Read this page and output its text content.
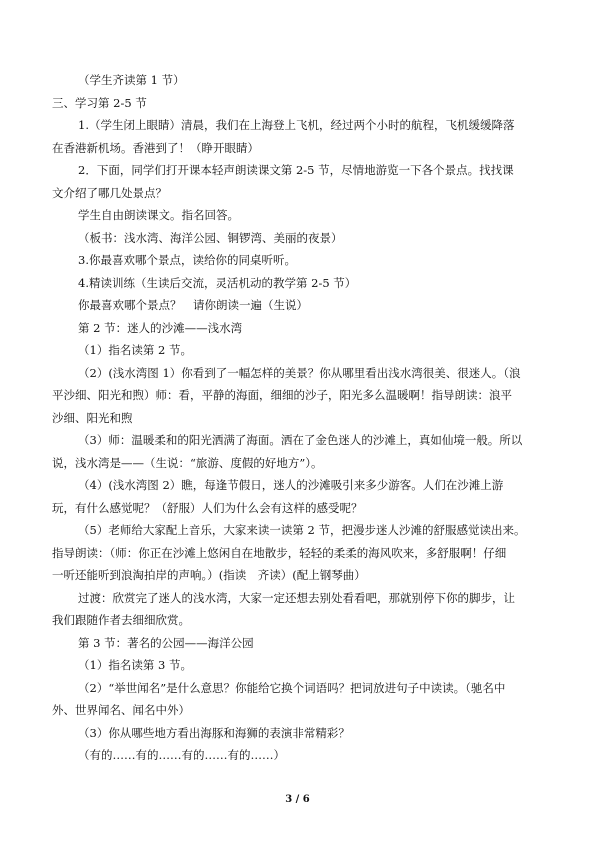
（学生齐读第 1 节）
三、学习第 2-5 节
1.（学生闭上眼睛）清晨，我们在上海登上飞机，经过两个小时的航程，飞机缓缓降落
在香港新机场。香港到了！（睁开眼睛）
2．下面，同学们打开课本轻声朗读课文第 2-5 节，尽情地游览一下各个景点。找找课
文介绍了哪几处景点？
学生自由朗读课文。指名回答。
（板书：浅水湾、海洋公园、铜锣湾、美丽的夜景）
3.你最喜欢哪个景点，读给你的同桌听听。
4.精读训练（生读后交流，灵活机动的教学第 2-5 节）
你最喜欢哪个景点？　请你朗读一遍（生说）
第 2 节：迷人的沙滩——浅水湾
（1）指名读第 2 节。
（2）(浅水湾图 1）你看到了一幅怎样的美景？你从哪里看出浅水湾很美、很迷人。（浪
平沙细、阳光和煦）师：看，平静的海面，细细的沙子，阳光多么温暖啊！指导朗读：浪平
沙细、阳光和煦
（3）师：温暖柔和的阳光洒满了海面。洒在了金色迷人的沙滩上，真如仙境一般。所以
说，浅水湾是——（生说：“旅游、度假的好地方”）。
（4）(浅水湾图 2）瞧，每逢节假日，迷人的沙滩吸引来多少游客。人们在沙滩上游
玩，有什么感觉呢？（舒服）人们为什么会有这样的感受呢？
（5）老师给大家配上音乐，大家来读一读第 2 节，把漫步迷人沙滩的舒服感觉读出来。
指导朗读：（师：你正在沙滩上悠闲自在地散步，轻轻的柔柔的海风吹来，多舒服啊！仔细
一听还能听到浪淘拍岸的声响。）(指读　齐读）(配上钢琴曲）
过渡：欣赏完了迷人的浅水湾，大家一定还想去别处看看吧，那就别停下你的脚步，让
我们跟随作者去细细欣赏。
第 3 节：著名的公园——海洋公园
（1）指名读第 3 节。
（2）“举世闻名”是什么意思？你能给它换个词语吗？把词放进句子中读读。（驰名中
外、世界闻名、闻名中外）
（3）你从哪些地方看出海豚和海狮的表演非常精彩？
（有的……有的……有的……有的……）
3 / 6
